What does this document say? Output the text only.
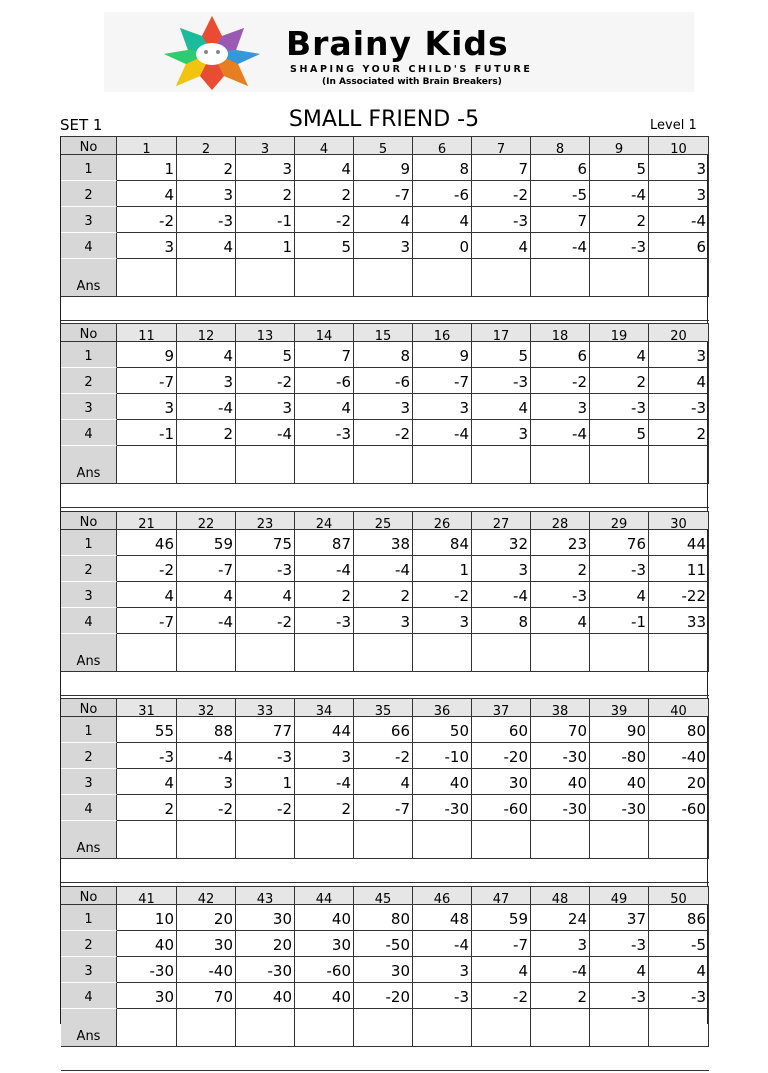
Brainy Kids
SHAPING YOUR CHILD'S FUTURE
(In Associated with Brain Breakers)
SET 1	SMALL FRIEND -5	Level 1
No	1	2	3	4	5	6	7	8	9	10
1	1	2	3	4	9	8	7	6	5	3
2	4	3	2	2	-7	-6	-2	-5	-4	3
3	-2	-3	-1	-2	4	4	-3	7	2	-4
4	3	4	1	5	3	0	4	-4	-3	6
Ans
No	11	12	13	14	15	16	17	18	19	20
1	9	4	5	7	8	9	5	6	4	3
2	-7	3	-2	-6	-6	-7	-3	-2	2	4
3	3	-4	3	4	3	3	4	3	-3	-3
4	-1	2	-4	-3	-2	-4	3	-4	5	2
Ans
No	21	22	23	24	25	26	27	28	29	30
1	46	59	75	87	38	84	32	23	76	44
2	-2	-7	-3	-4	-4	1	3	2	-3	11
3	4	4	4	2	2	-2	-4	-3	4	-22
4	-7	-4	-2	-3	3	3	8	4	-1	33
Ans
No	31	32	33	34	35	36	37	38	39	40
1	55	88	77	44	66	50	60	70	90	80
2	-3	-4	-3	3	-2	-10	-20	-30	-80	-40
3	4	3	1	-4	4	40	30	40	40	20
4	2	-2	-2	2	-7	-30	-60	-30	-30	-60
Ans
No	41	42	43	44	45	46	47	48	49	50
1	10	20	30	40	80	48	59	24	37	86
2	40	30	20	30	-50	-4	-7	3	-3	-5
3	-30	-40	-30	-60	30	3	4	-4	4	4
4	30	70	40	40	-20	-3	-2	2	-3	-3
Ans
